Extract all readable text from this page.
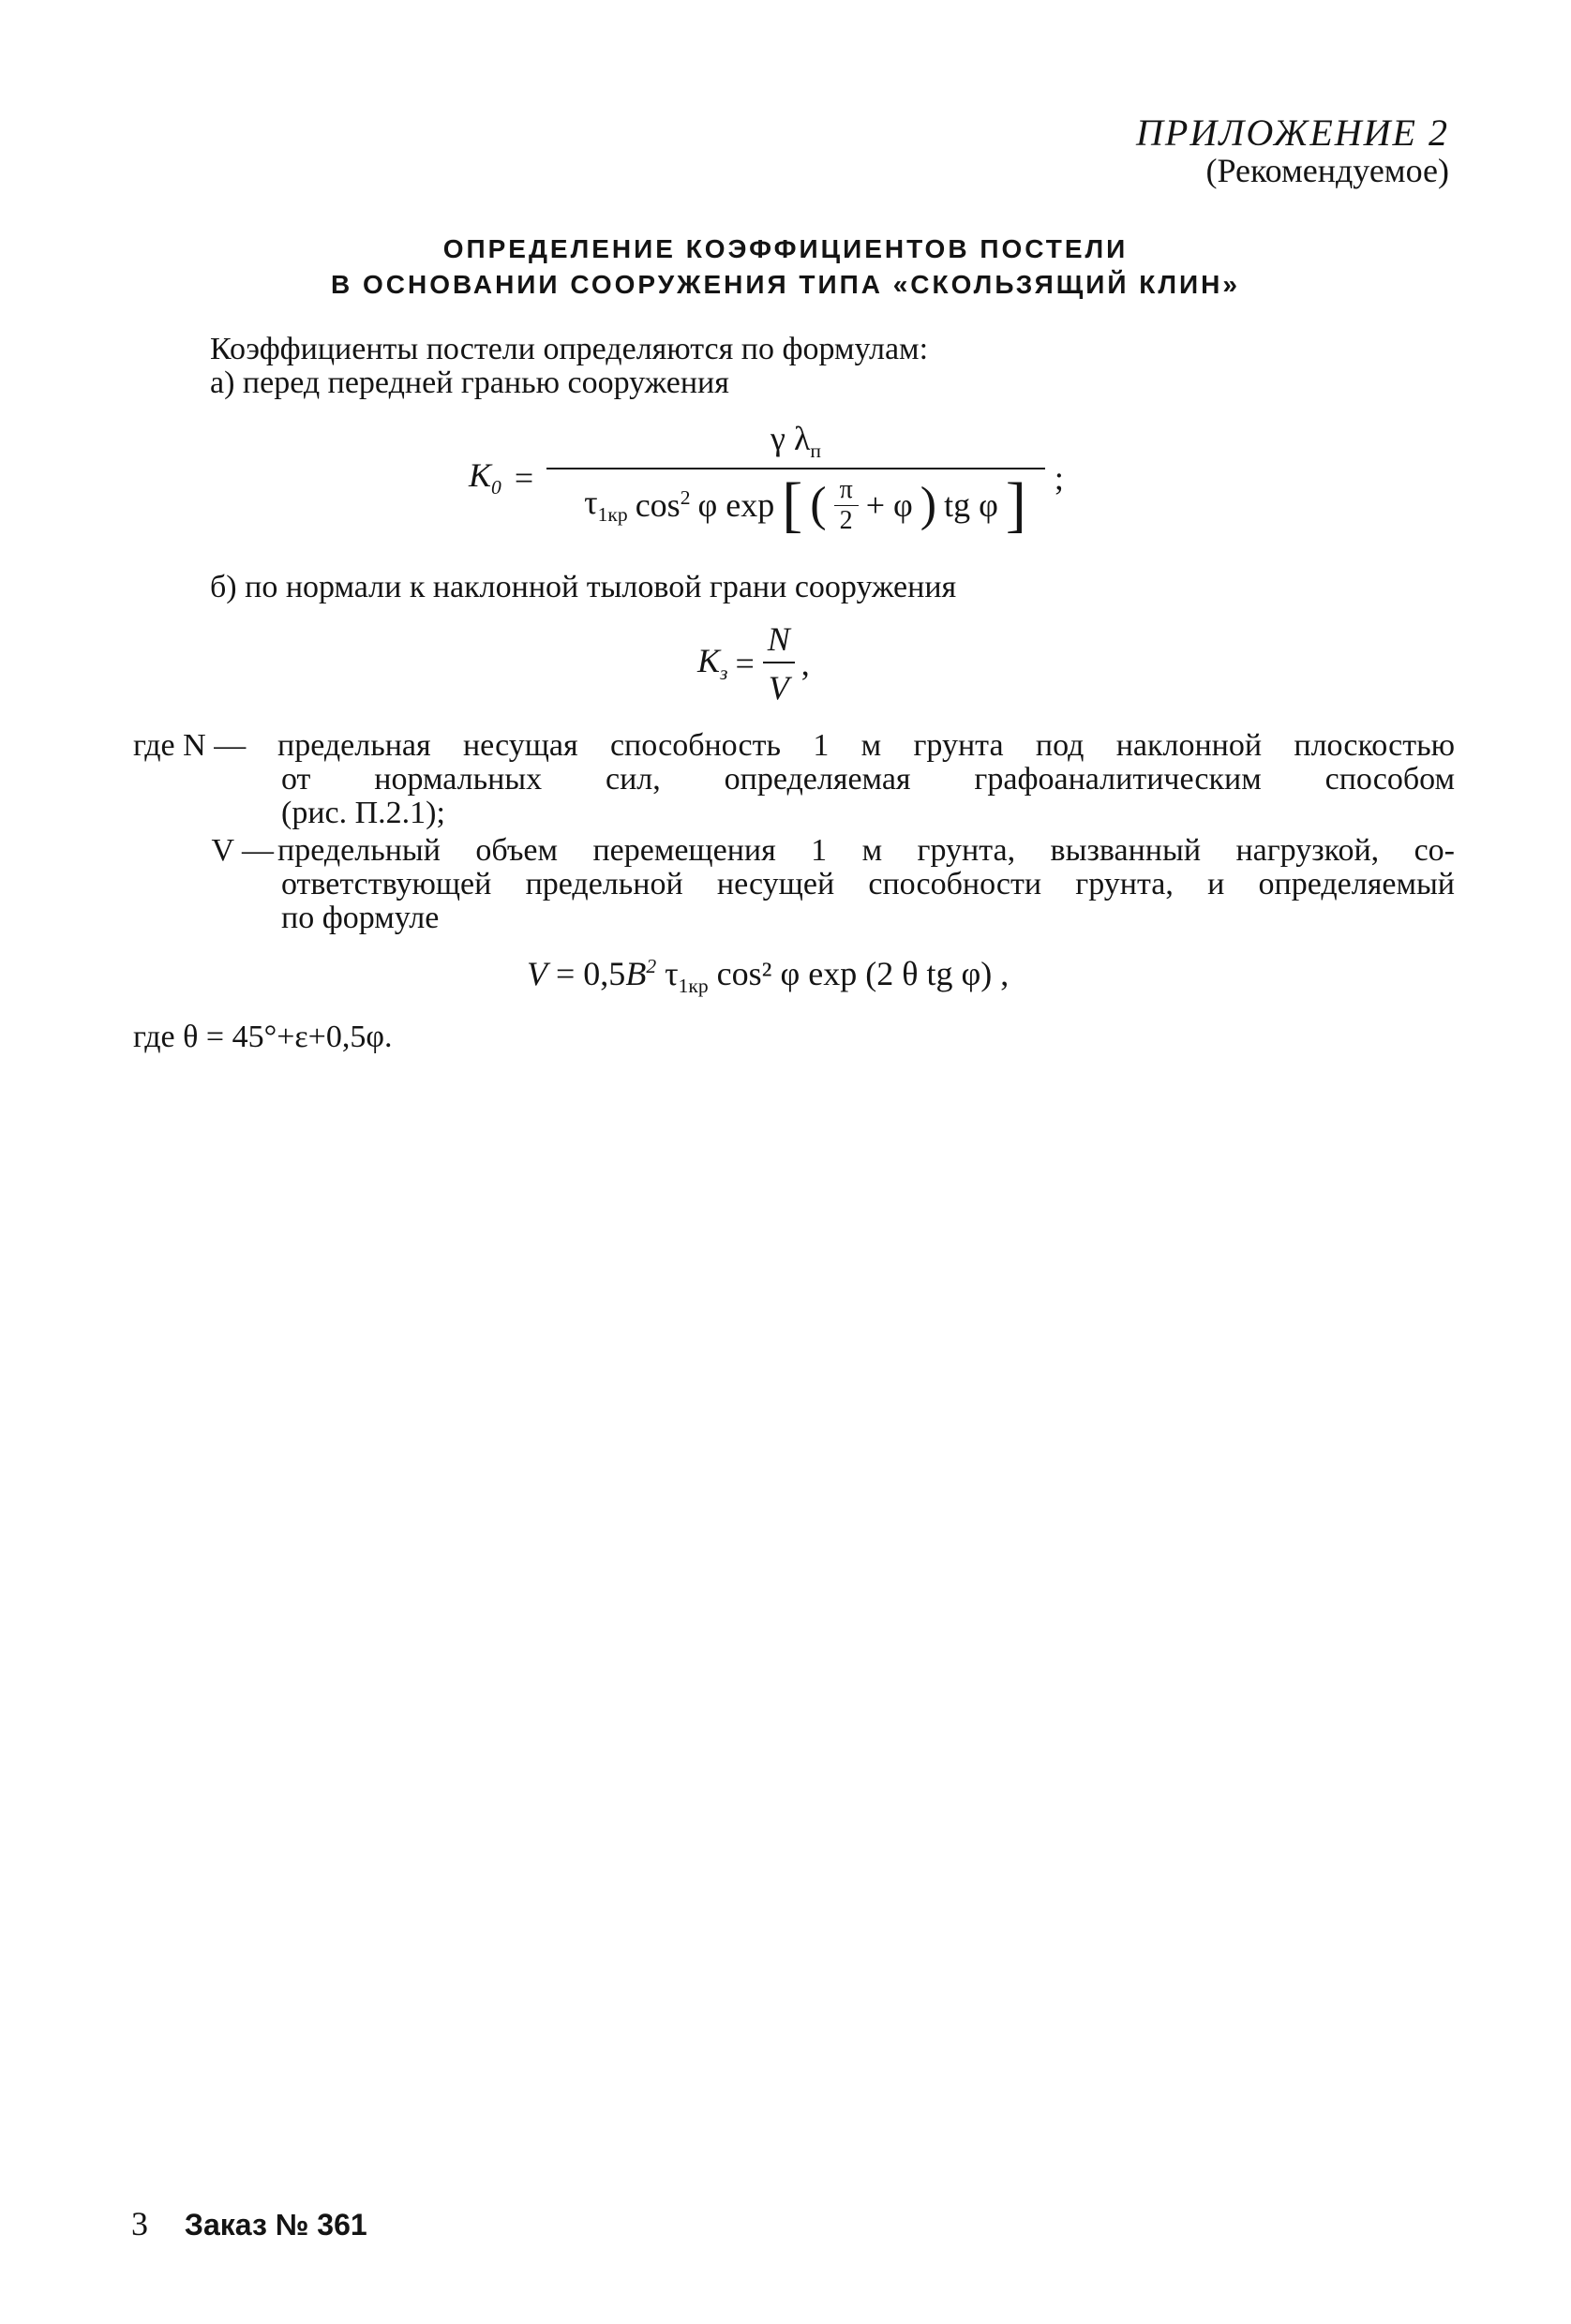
ПРИЛОЖЕНИЕ 2
(Рекомендуемое)
ОПРЕДЕЛЕНИЕ КОЭФФИЦИЕНТОВ ПОСТЕЛИ
В ОСНОВАНИИ СООРУЖЕНИЯ ТИПА «СКОЛЬЗЯЩИЙ КЛИН»
Коэффициенты постели определяются по формулам:
а) перед передней гранью сооружения
$K_0$ =
γ $\lambda_п$
$\tau_{1кр}$ $\cos^2 \varphi$ exp [ ( $\frac{\pi}{2} + \varphi$ ) tg φ ] ;
б) по нормали к наклонной тыловой грани сооружения
$K_з = \frac{N}{V}$ ,
где N — предельная несущая способность 1 м грунта под наклонной плоскостью
от нормальных сил, определяемая графоаналитическим способом
(рис. П.2.1);
V — предельный объем перемещения 1 м грунта, вызванный нагрузкой, со-
ответствующей предельной несущей способности грунта, и определяемый
по формуле
$V = 0,5B^2$ $\tau_{1кр}$ cos² φ exp (2 θ tg φ) ,
где θ = 45°+ε+0,5φ.
3 Заказ № 361
